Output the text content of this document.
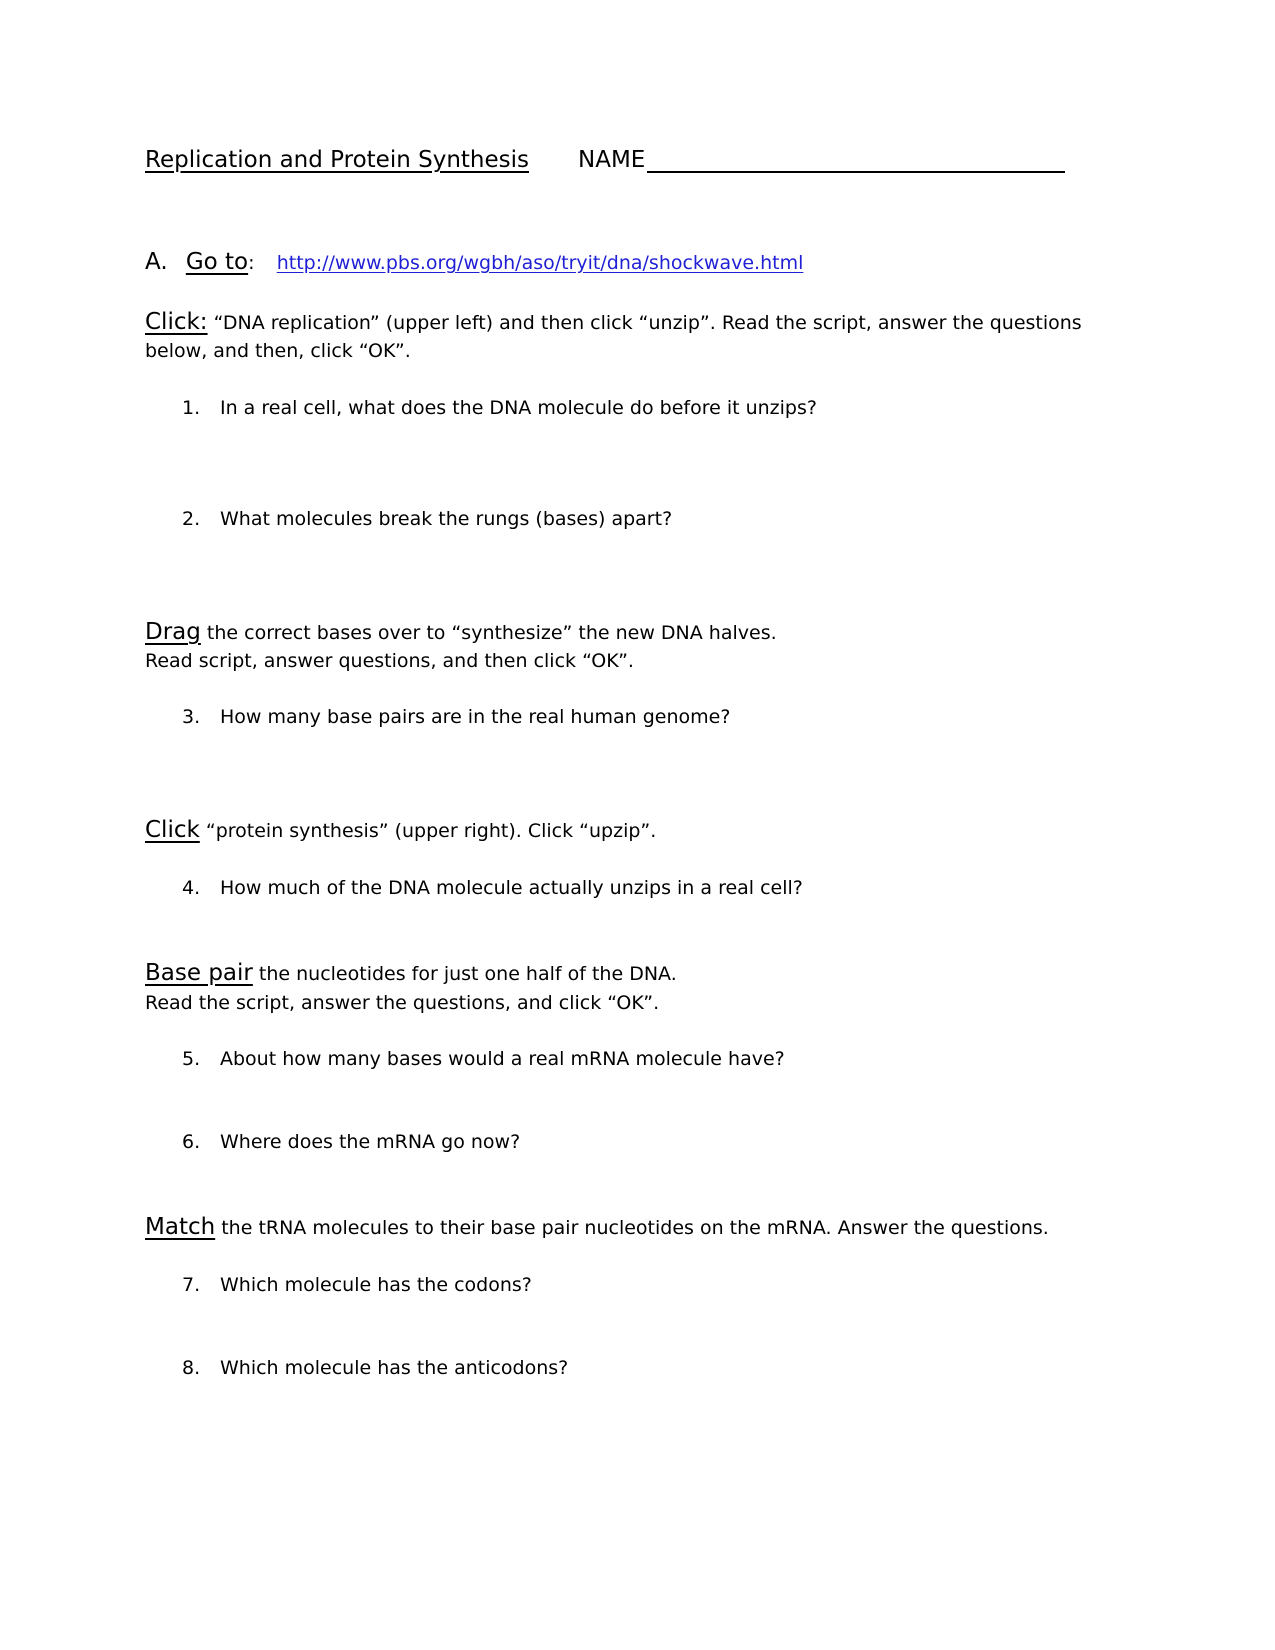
Replication and Protein Synthesis NAME
A. Go to: http://www.pbs.org/wgbh/aso/tryit/dna/shockwave.html
Click: “DNA replication” (upper left) and then click “unzip”. Read the script, answer the questions
below, and then, click “OK”.
1. In a real cell, what does the DNA molecule do before it unzips?
2. What molecules break the rungs (bases) apart?
Drag the correct bases over to “synthesize” the new DNA halves.
Read script, answer questions, and then click “OK”.
3. How many base pairs are in the real human genome?
Click “protein synthesis” (upper right). Click “upzip”.
4. How much of the DNA molecule actually unzips in a real cell?
Base pair the nucleotides for just one half of the DNA.
Read the script, answer the questions, and click “OK”.
5. About how many bases would a real mRNA molecule have?
6. Where does the mRNA go now?
Match the tRNA molecules to their base pair nucleotides on the mRNA. Answer the questions.
7. Which molecule has the codons?
8. Which molecule has the anticodons?
